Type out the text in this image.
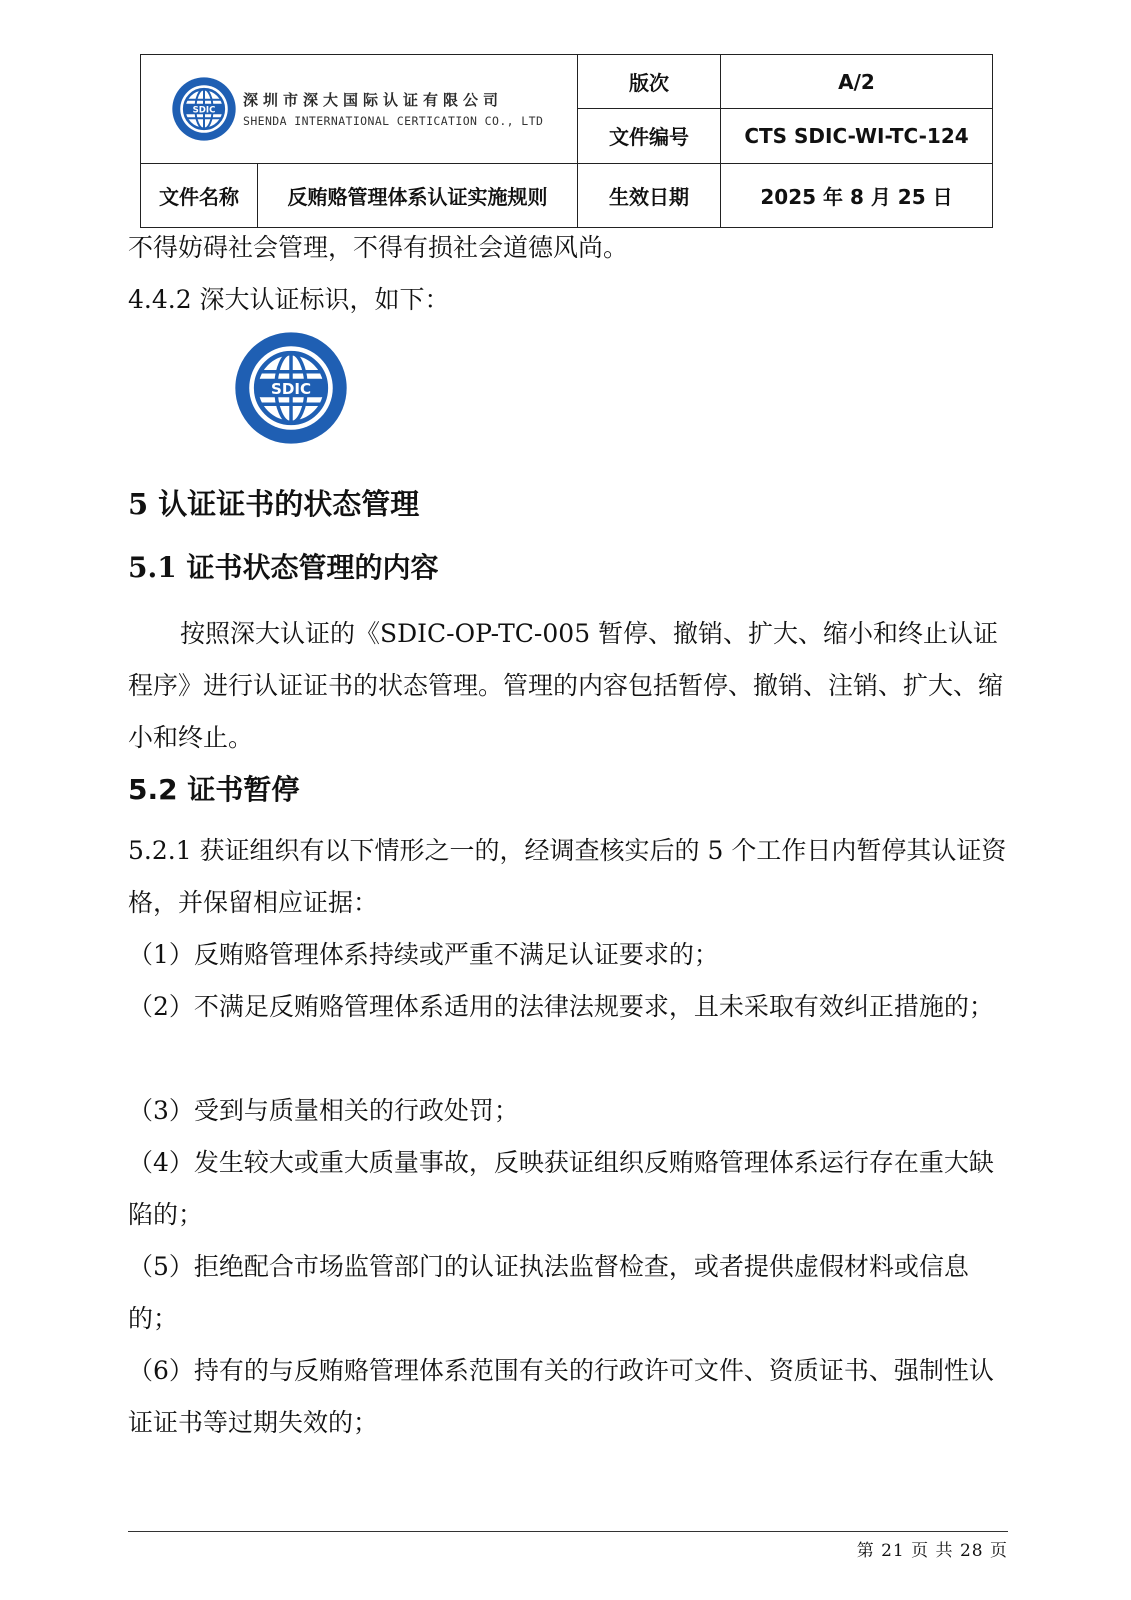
SDIC
深圳市深大国际认证有限公司
SHENDA INTERNATIONAL CERTICATION CO., LTD		版次	A/2
		文件编号	CTS SDIC-WI-TC-124
文件名称	反贿赂管理体系认证实施规则	生效日期	2025 年 8 月 25 日

不得妨碍社会管理，不得有损社会道德风尚。

4.4.2 深大认证标识，如下：

SDIC

5 认证证书的状态管理

5.1 证书状态管理的内容

按照深大认证的《SDIC-OP-TC-005 暂停、撤销、扩大、缩小和终止认证程序》进行认证证书的状态管理。管理的内容包括暂停、撤销、注销、扩大、缩小和终止。

5.2 证书暂停

5.2.1 获证组织有以下情形之一的，经调查核实后的 5 个工作日内暂停其认证资格，并保留相应证据：

（1）反贿赂管理体系持续或严重不满足认证要求的；

（2）不满足反贿赂管理体系适用的法律法规要求，且未采取有效纠正措施的；

（3）受到与质量相关的行政处罚；

（4）发生较大或重大质量事故，反映获证组织反贿赂管理体系运行存在重大缺陷的；

（5）拒绝配合市场监管部门的认证执法监督检查，或者提供虚假材料或信息的；

（6）持有的与反贿赂管理体系范围有关的行政许可文件、资质证书、强制性认证证书等过期失效的；

第 21 页 共 28 页
